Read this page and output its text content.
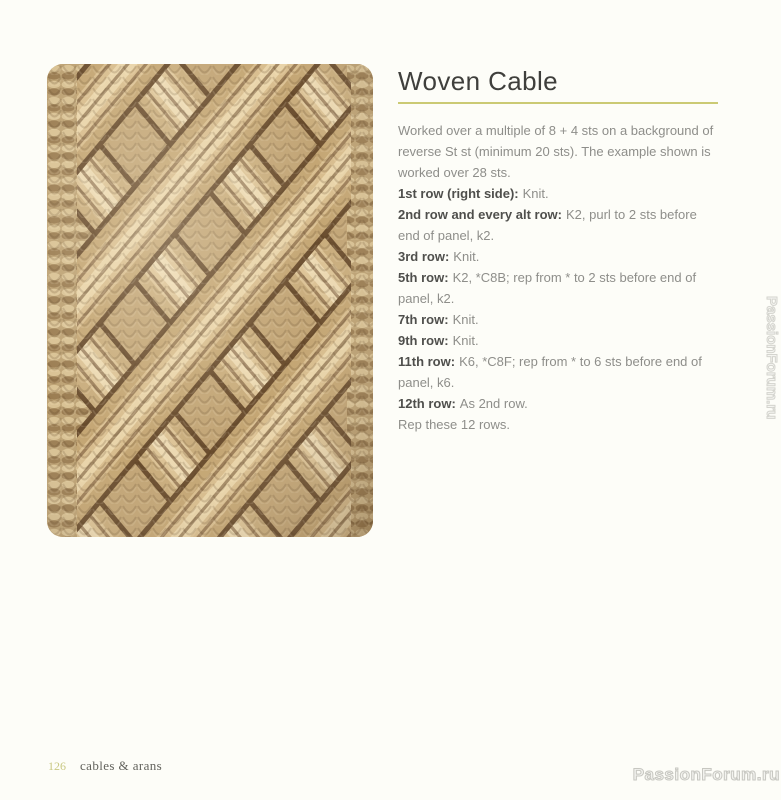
Woven Cable

Worked over a multiple of 8 + 4 sts on a background of reverse St st (minimum 20 sts). The example shown is worked over 28 sts.

1st row (right side): Knit.
2nd row and every alt row: K2, purl to 2 sts before end of panel, k2.
3rd row: Knit.
5th row: K2, *C8B; rep from * to 2 sts before end of panel, k2.
7th row: Knit.
9th row: Knit.
11th row: K6, *C8F; rep from * to 6 sts before end of panel, k6.
12th row: As 2nd row.
Rep these 12 rows.
126 cables & arans
PassionForum.ru
PassionForum.ru
